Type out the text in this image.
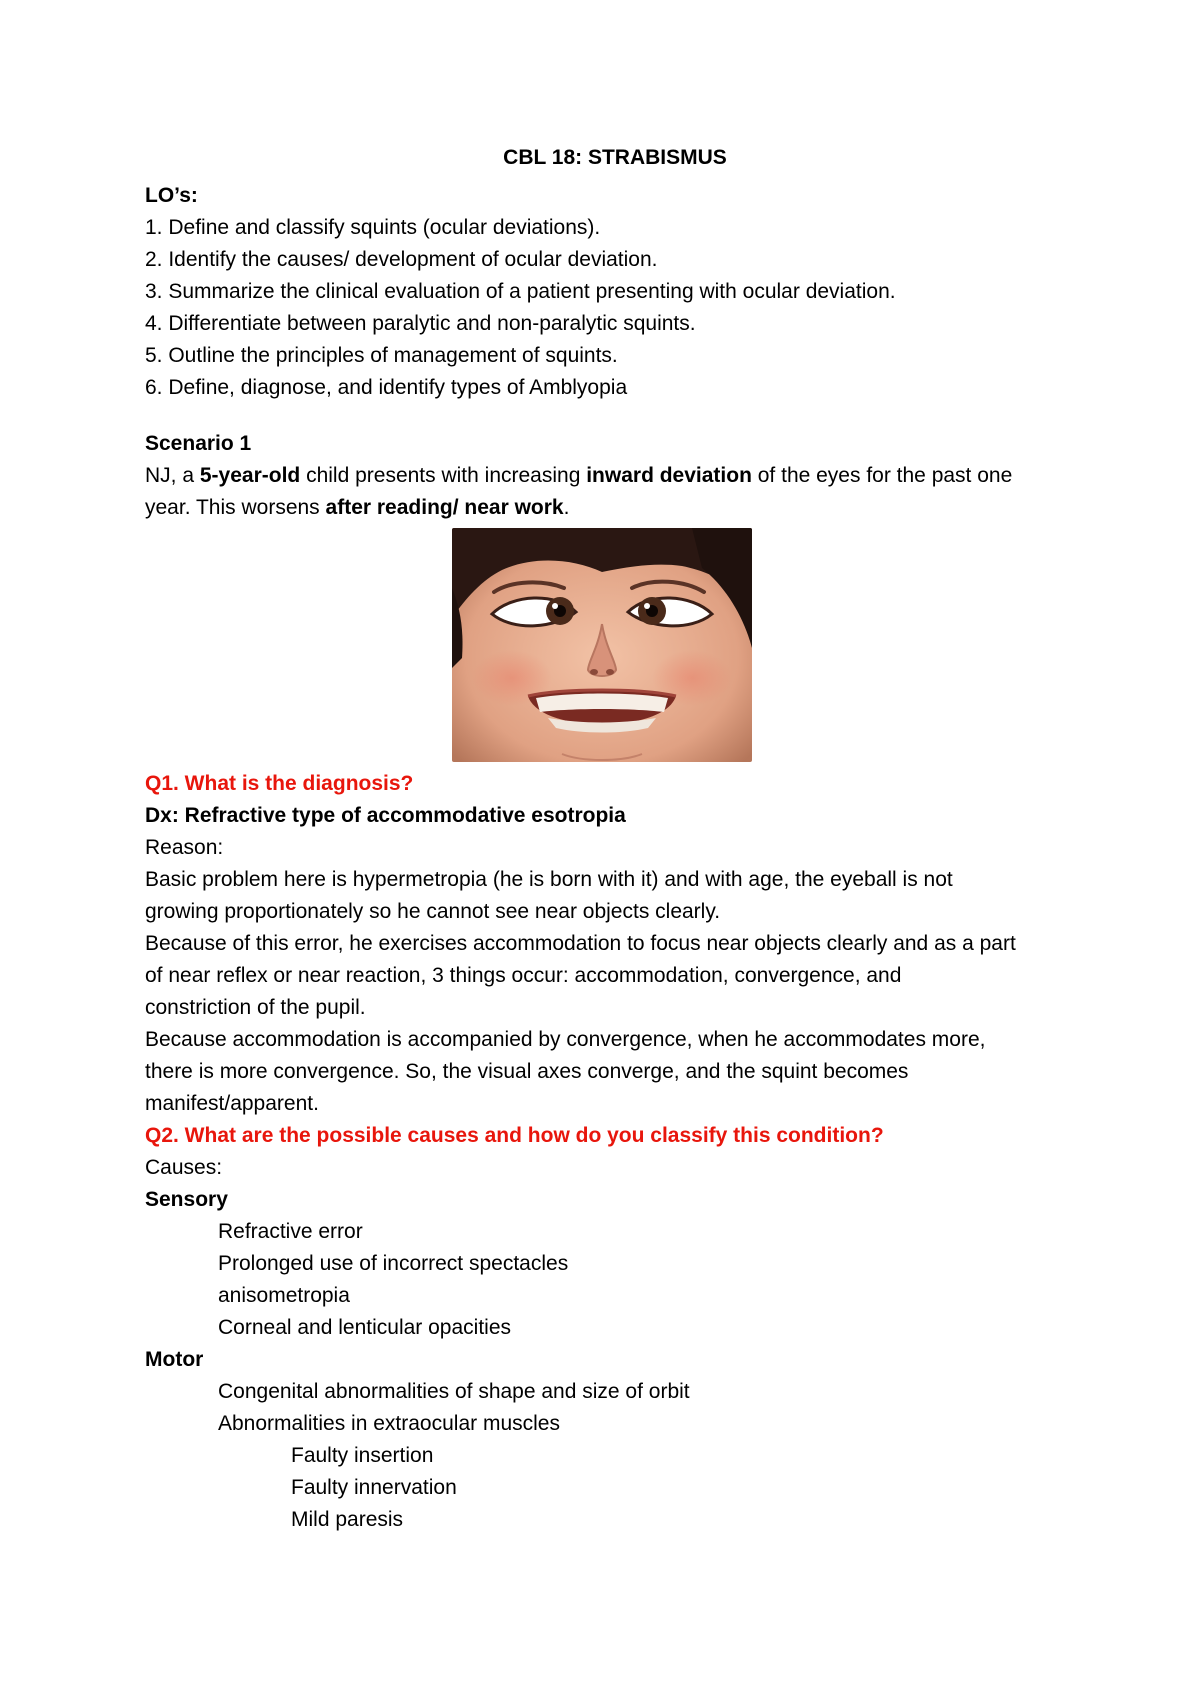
CBL 18: STRABISMUS

LO’s:

1. Define and classify squints (ocular deviations).

2. Identify the causes/ development of ocular deviation.

3. Summarize the clinical evaluation of a patient presenting with ocular deviation.

4. Differentiate between paralytic and non-paralytic squints.

5. Outline the principles of management of squints.

6. Define, diagnose, and identify types of Amblyopia

Scenario 1

NJ, a 5-year-old child presents with increasing inward deviation of the eyes for the past one

year. This worsens after reading/ near work.

Q1. What is the diagnosis?

Dx: Refractive type of accommodative esotropia

Reason:

Basic problem here is hypermetropia (he is born with it) and with age, the eyeball is not

growing proportionately so he cannot see near objects clearly.

Because of this error, he exercises accommodation to focus near objects clearly and as a part

of near reflex or near reaction, 3 things occur: accommodation, convergence, and

constriction of the pupil.

Because accommodation is accompanied by convergence, when he accommodates more,

there is more convergence. So, the visual axes converge, and the squint becomes

manifest/apparent.

Q2. What are the possible causes and how do you classify this condition?

Causes:

Sensory

Refractive error

Prolonged use of incorrect spectacles

anisometropia

Corneal and lenticular opacities

Motor

Congenital abnormalities of shape and size of orbit

Abnormalities in extraocular muscles

Faulty insertion

Faulty innervation

Mild paresis
